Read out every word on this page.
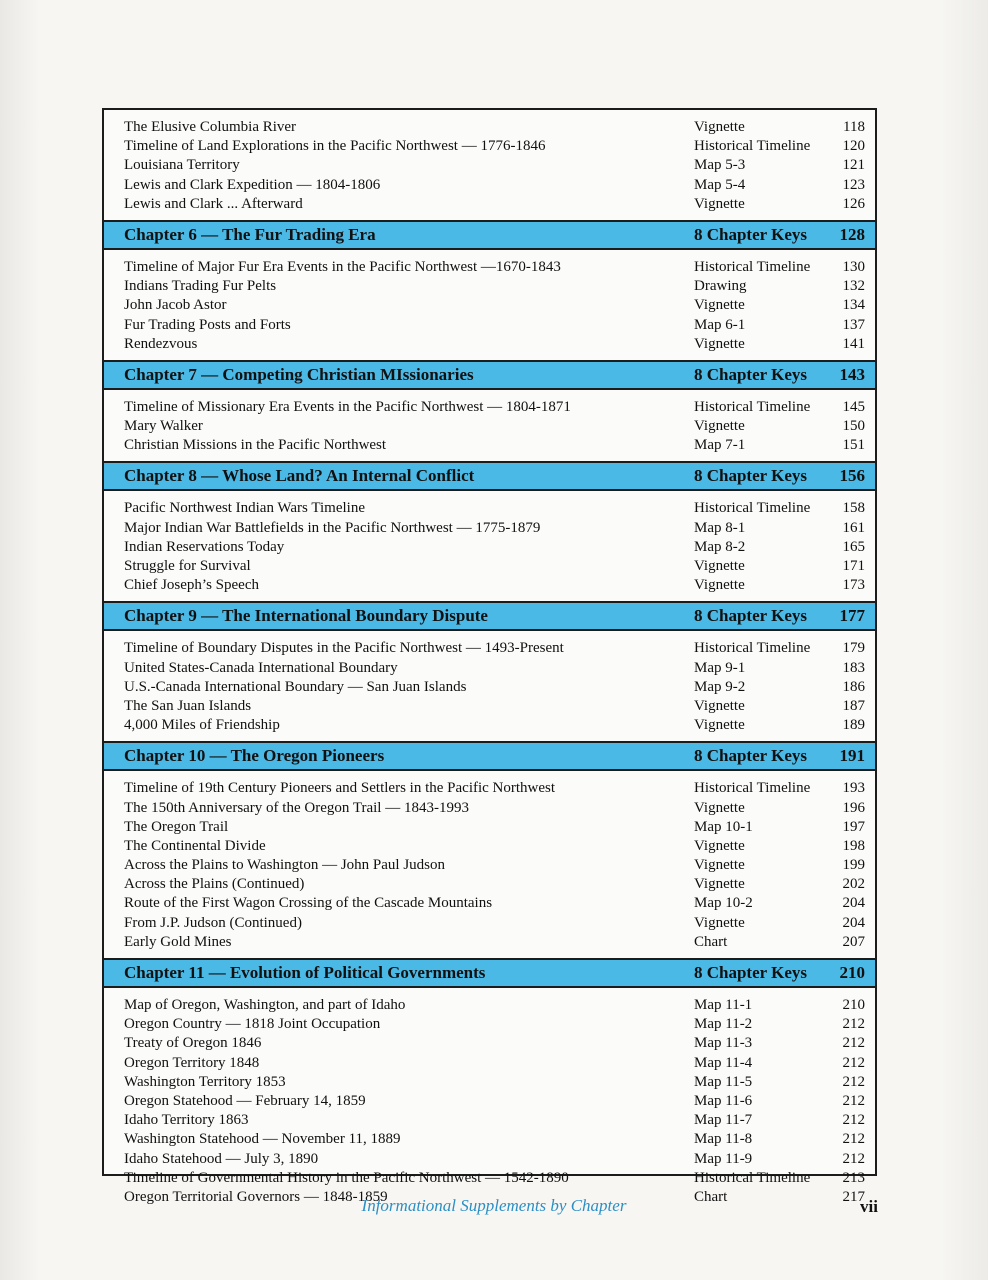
The Elusive Columbia River	Vignette	118
Timeline of Land Explorations in the Pacific Northwest — 1776-1846	Historical Timeline 120
Louisiana Territory	Map 5-3	121
Lewis and Clark Expedition — 1804-1806	Map 5-4	123
Lewis and Clark ... Afterward	Vignette	126
Chapter 6 — The Fur Trading Era	8 Chapter Keys 128
Timeline of Major Fur Era Events in the Pacific Northwest —1670-1843	Historical Timeline 130
Indians Trading Fur Pelts	Drawing	132
John Jacob Astor	Vignette	134
Fur Trading Posts and Forts	Map 6-1	137
Rendezvous	Vignette	141
Chapter 7 — Competing Christian MIssionaries	8 Chapter Keys 143
Timeline of Missionary Era Events in the Pacific Northwest — 1804-1871	Historical Timeline 145
Mary Walker	Vignette	150
Christian Missions in the Pacific Northwest	Map 7-1	151
Chapter 8 — Whose Land? An Internal Conflict	8 Chapter Keys 156
Pacific Northwest Indian Wars Timeline	Historical Timeline 158
Major Indian War Battlefields in the Pacific Northwest — 1775-1879	Map 8-1	161
Indian Reservations Today	Map 8-2	165
Struggle for Survival	Vignette	171
Chief Joseph’s Speech	Vignette	173
Chapter 9 — The International Boundary Dispute	8 Chapter Keys 177
Timeline of Boundary Disputes in the Pacific Northwest — 1493-Present	Historical Timeline 179
United States-Canada International Boundary	Map 9-1	183
U.S.-Canada International Boundary — San Juan Islands	Map 9-2	186
The San Juan Islands	Vignette	187
4,000 Miles of Friendship	Vignette	189
Chapter 10 — The Oregon Pioneers	8 Chapter Keys 191
Timeline of 19th Century Pioneers and Settlers in the Pacific Northwest	Historical Timeline 193
The 150th Anniversary of the Oregon Trail — 1843-1993	Vignette	196
The Oregon Trail	Map 10-1	197
The Continental Divide	Vignette	198
Across the Plains to Washington — John Paul Judson	Vignette	199
Across the Plains (Continued)	Vignette	202
Route of the First Wagon Crossing of the Cascade Mountains	Map 10-2	204
From J.P. Judson (Continued)	Vignette	204
Early Gold Mines	Chart	207
Chapter 11 — Evolution of Political Governments	8 Chapter Keys 210
Map of Oregon, Washington, and part of Idaho	Map 11-1	210
Oregon Country — 1818 Joint Occupation	Map 11-2	212
Treaty of Oregon 1846	Map 11-3	212
Oregon Territory 1848	Map 11-4	212
Washington Territory 1853	Map 11-5	212
Oregon Statehood — February 14, 1859	Map 11-6	212
Idaho Territory 1863	Map 11-7	212
Washington Statehood — November 11, 1889	Map 11-8	212
Idaho Statehood — July 3, 1890	Map 11-9	212
Timeline of Governmental History in the Pacific Northwest — 1542-1890	Historical Timeline 213
Oregon Territorial Governors — 1848-1859	Chart	217
Informational Supplements by Chapter	vii
